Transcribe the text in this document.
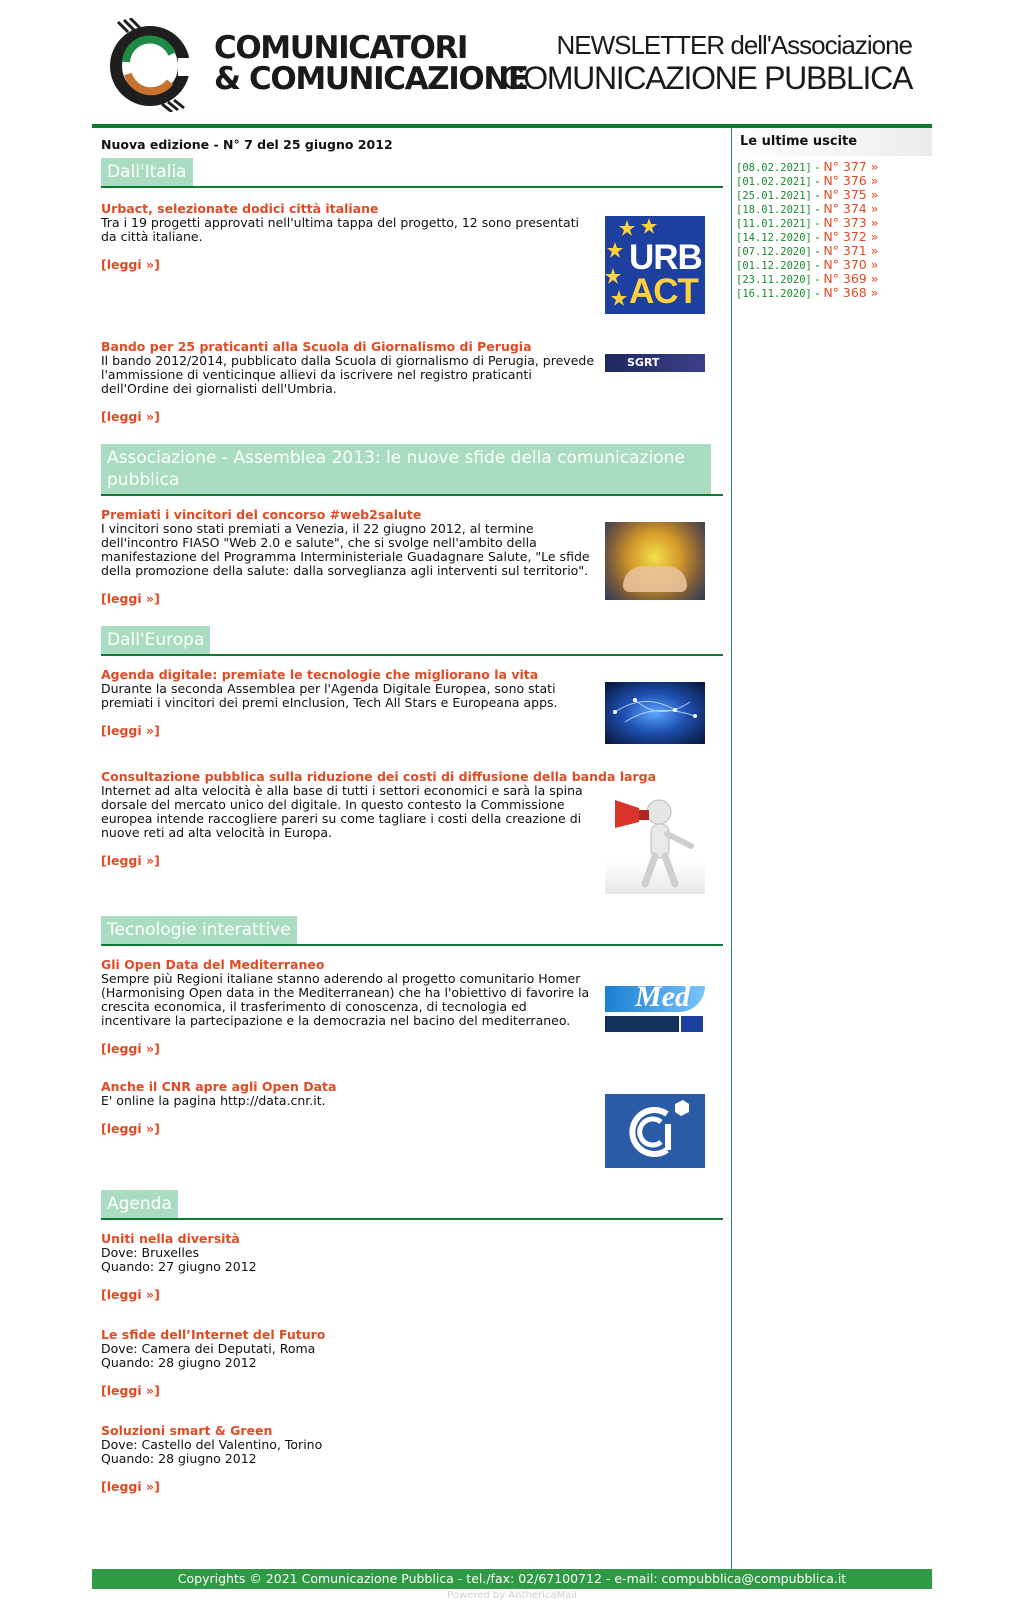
COMUNICATORI
& COMUNICAZIONE
NEWSLETTER dell'Associazione
COMUNICAZIONE PUBBLICA
Nuova edizione - N° 7 del 25 giugno 2012
Dall'Italia
Urbact, selezionate dodici città italiane
Tra i 19 progetti approvati nell'ultima tappa del progetto, 12 sono presentati da città italiane.
[leggi »]	URB
ACT
Bando per 25 praticanti alla Scuola di Giornalismo di Perugia
Il bando 2012/2014, pubblicato dalla Scuola di giornalismo di Perugia, prevede l'ammissione di venticinque allievi da iscrivere nel registro praticanti dell'Ordine dei giornalisti dell'Umbria.
[leggi »]
SGRT
Associazione - Assemblea 2013: le nuove sfide della comunicazione pubblica
Premiati i vincitori del concorso #web2salute
I vincitori sono stati premiati a Venezia, il 22 giugno 2012, al termine dell'incontro FIASO "Web 2.0 e salute", che si svolge nell'ambito della manifestazione del Programma Interministeriale Guadagnare Salute, "Le sfide della promozione della salute: dalla sorveglianza agli interventi sul territorio".
[leggi »]
Dall'Europa
Agenda digitale: premiate le tecnologie che migliorano la vita
Durante la seconda Assemblea per l'Agenda Digitale Europea, sono stati premiati i vincitori dei premi eInclusion, Tech All Stars e Europeana apps.
[leggi »]
Consultazione pubblica sulla riduzione dei costi di diffusione della banda larga
Internet ad alta velocità è alla base di tutti i settori economici e sarà la spina dorsale del mercato unico del digitale. In questo contesto la Commissione europea intende raccogliere pareri su come tagliare i costi della creazione di nuove reti ad alta velocità in Europa.
[leggi »]
Tecnologie interattive
Gli Open Data del Mediterraneo
Sempre più Regioni italiane stanno aderendo al progetto comunitario Homer (Harmonising Open data in the Mediterranean) che ha l'obiettivo di favorire la crescita economica, il trasferimento di conoscenza, di tecnologia ed incentivare la partecipazione e la democrazia nel bacino del mediterraneo.
[leggi »]
Med
Anche il CNR apre agli Open Data
E' online la pagina http://data.cnr.it.
[leggi »]
Agenda
Uniti nella diversità
Dove: Bruxelles
Quando: 27 giugno 2012
[leggi »]
Le sfide dell’Internet del Futuro
Dove: Camera dei Deputati, Roma
Quando: 28 giugno 2012
[leggi »]
Soluzioni smart & Green
Dove: Castello del Valentino, Torino
Quando: 28 giugno 2012
[leggi »]
Le ultime uscite
[08.02.2021] - N° 377 »
[01.02.2021] - N° 376 »
[25.01.2021] - N° 375 »
[18.01.2021] - N° 374 »
[11.01.2021] - N° 373 »
[14.12.2020] - N° 372 »
[07.12.2020] - N° 371 »
[01.12.2020] - N° 370 »
[23.11.2020] - N° 369 »
[16.11.2020] - N° 368 »
Copyrights © 2021 Comunicazione Pubblica - tel./fax: 02/67100712 - e-mail: compubblica@compubblica.it
Powered by AnthericaMail
